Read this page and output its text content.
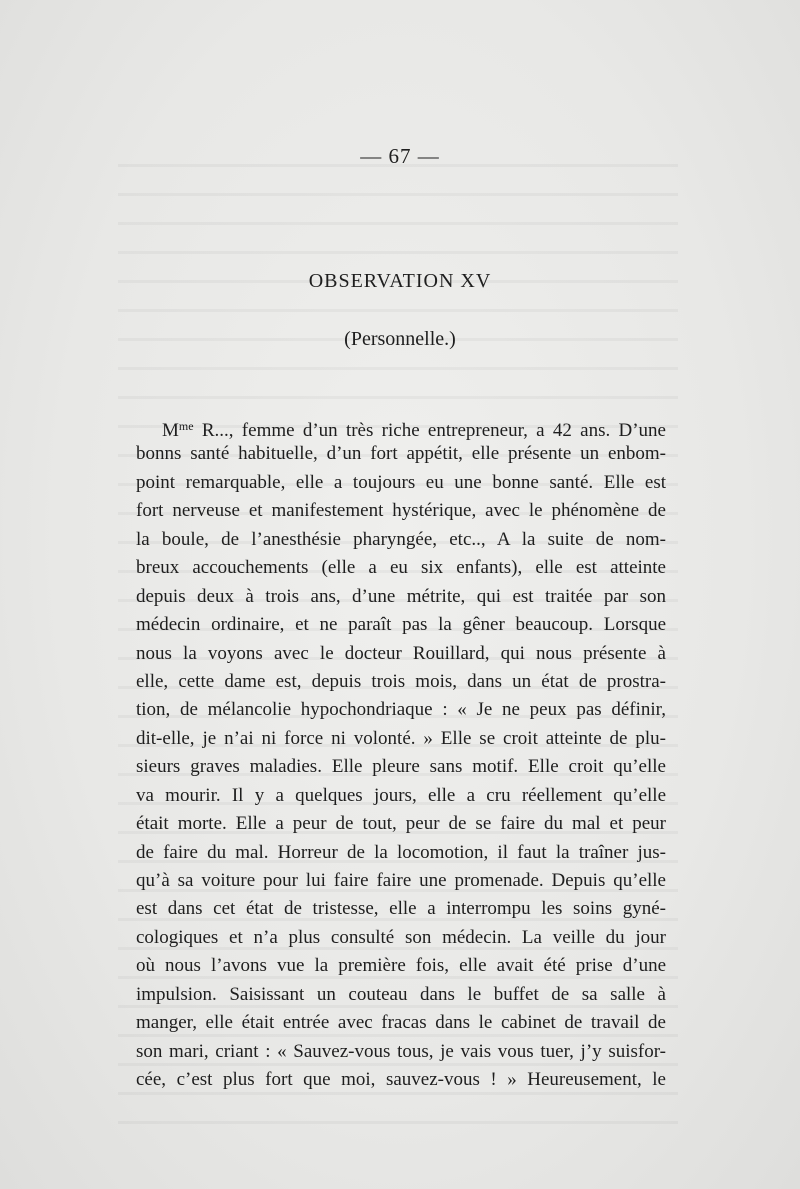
— 67 —
OBSERVATION XV
(Personnelle.)
$M^{me}$ R..., femme d’un très riche entrepreneur, a 42 ans. D’une
bonns santé habituelle, d’un fort appétit, elle présente un enbom-
point remarquable, elle a toujours eu une bonne santé. Elle est
fort nerveuse et manifestement hystérique, avec le phénomène de
la boule, de l’anesthésie pharyngée, etc.., A la suite de nom-
breux accouchements (elle a eu six enfants), elle est atteinte
depuis deux à trois ans, d’une métrite, qui est traitée par son
médecin ordinaire, et ne paraît pas la gêner beaucoup. Lorsque
nous la voyons avec le docteur Rouillard, qui nous présente à
elle, cette dame est, depuis trois mois, dans un état de prostra-
tion, de mélancolie hypochondriaque : « Je ne peux pas définir,
dit-elle, je n’ai ni force ni volonté. » Elle se croit atteinte de plu-
sieurs graves maladies. Elle pleure sans motif. Elle croit qu’elle
va mourir. Il y a quelques jours, elle a cru réellement qu’elle
était morte. Elle a peur de tout, peur de se faire du mal et peur
de faire du mal. Horreur de la locomotion, il faut la traîner jus-
qu’à sa voiture pour lui faire faire une promenade. Depuis qu’elle
est dans cet état de tristesse, elle a interrompu les soins gyné-
cologiques et n’a plus consulté son médecin. La veille du jour
où nous l’avons vue la première fois, elle avait été prise d’une
impulsion. Saisissant un couteau dans le buffet de sa salle à
manger, elle était entrée avec fracas dans le cabinet de travail de
son mari, criant : « Sauvez-vous tous, je vais vous tuer, j’y suisfor-
cée, c’est plus fort que moi, sauvez-vous ! » Heureusement, le
